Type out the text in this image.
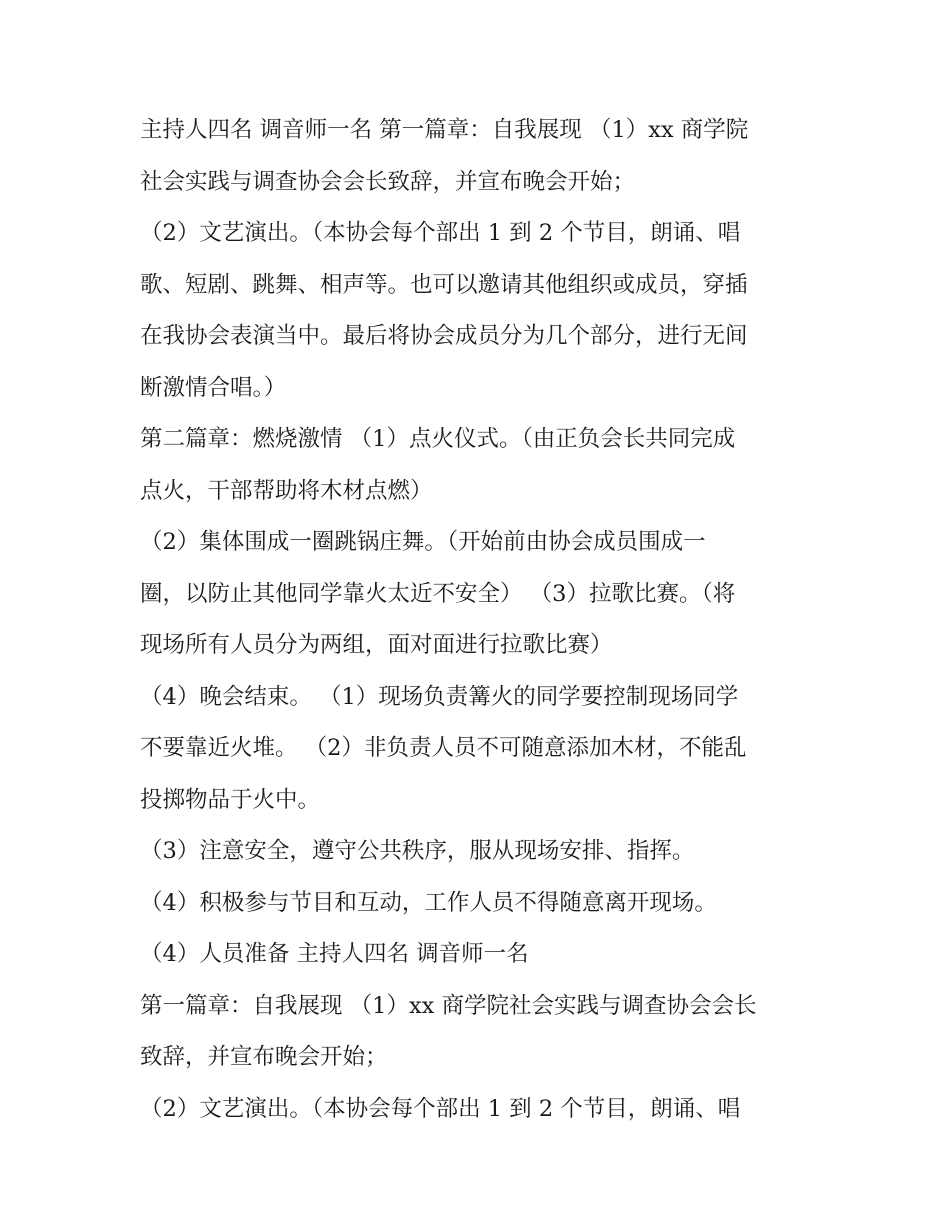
主持人四名 调音师一名 第一篇章：自我展现 （1）xx 商学院
社会实践与调查协会会长致辞，并宣布晚会开始；
（2）文艺演出。（本协会每个部出 1 到 2 个节目，朗诵、唱
歌、短剧、跳舞、相声等。也可以邀请其他组织或成员，穿插
在我协会表演当中。最后将协会成员分为几个部分，进行无间
断激情合唱。）
第二篇章：燃烧激情 （1）点火仪式。（由正负会长共同完成
点火，干部帮助将木材点燃）
（2）集体围成一圈跳锅庄舞。（开始前由协会成员围成一
圈，以防止其他同学靠火太近不安全） （3）拉歌比赛。（将
现场所有人员分为两组，面对面进行拉歌比赛）
（4）晚会结束。 （1）现场负责篝火的同学要控制现场同学
不要靠近火堆。 （2）非负责人员不可随意添加木材，不能乱
投掷物品于火中。
（3）注意安全，遵守公共秩序，服从现场安排、指挥。
（4）积极参与节目和互动，工作人员不得随意离开现场。
（4）人员准备 主持人四名 调音师一名
第一篇章：自我展现 （1）xx 商学院社会实践与调查协会会长
致辞，并宣布晚会开始；
（2）文艺演出。（本协会每个部出 1 到 2 个节目，朗诵、唱
